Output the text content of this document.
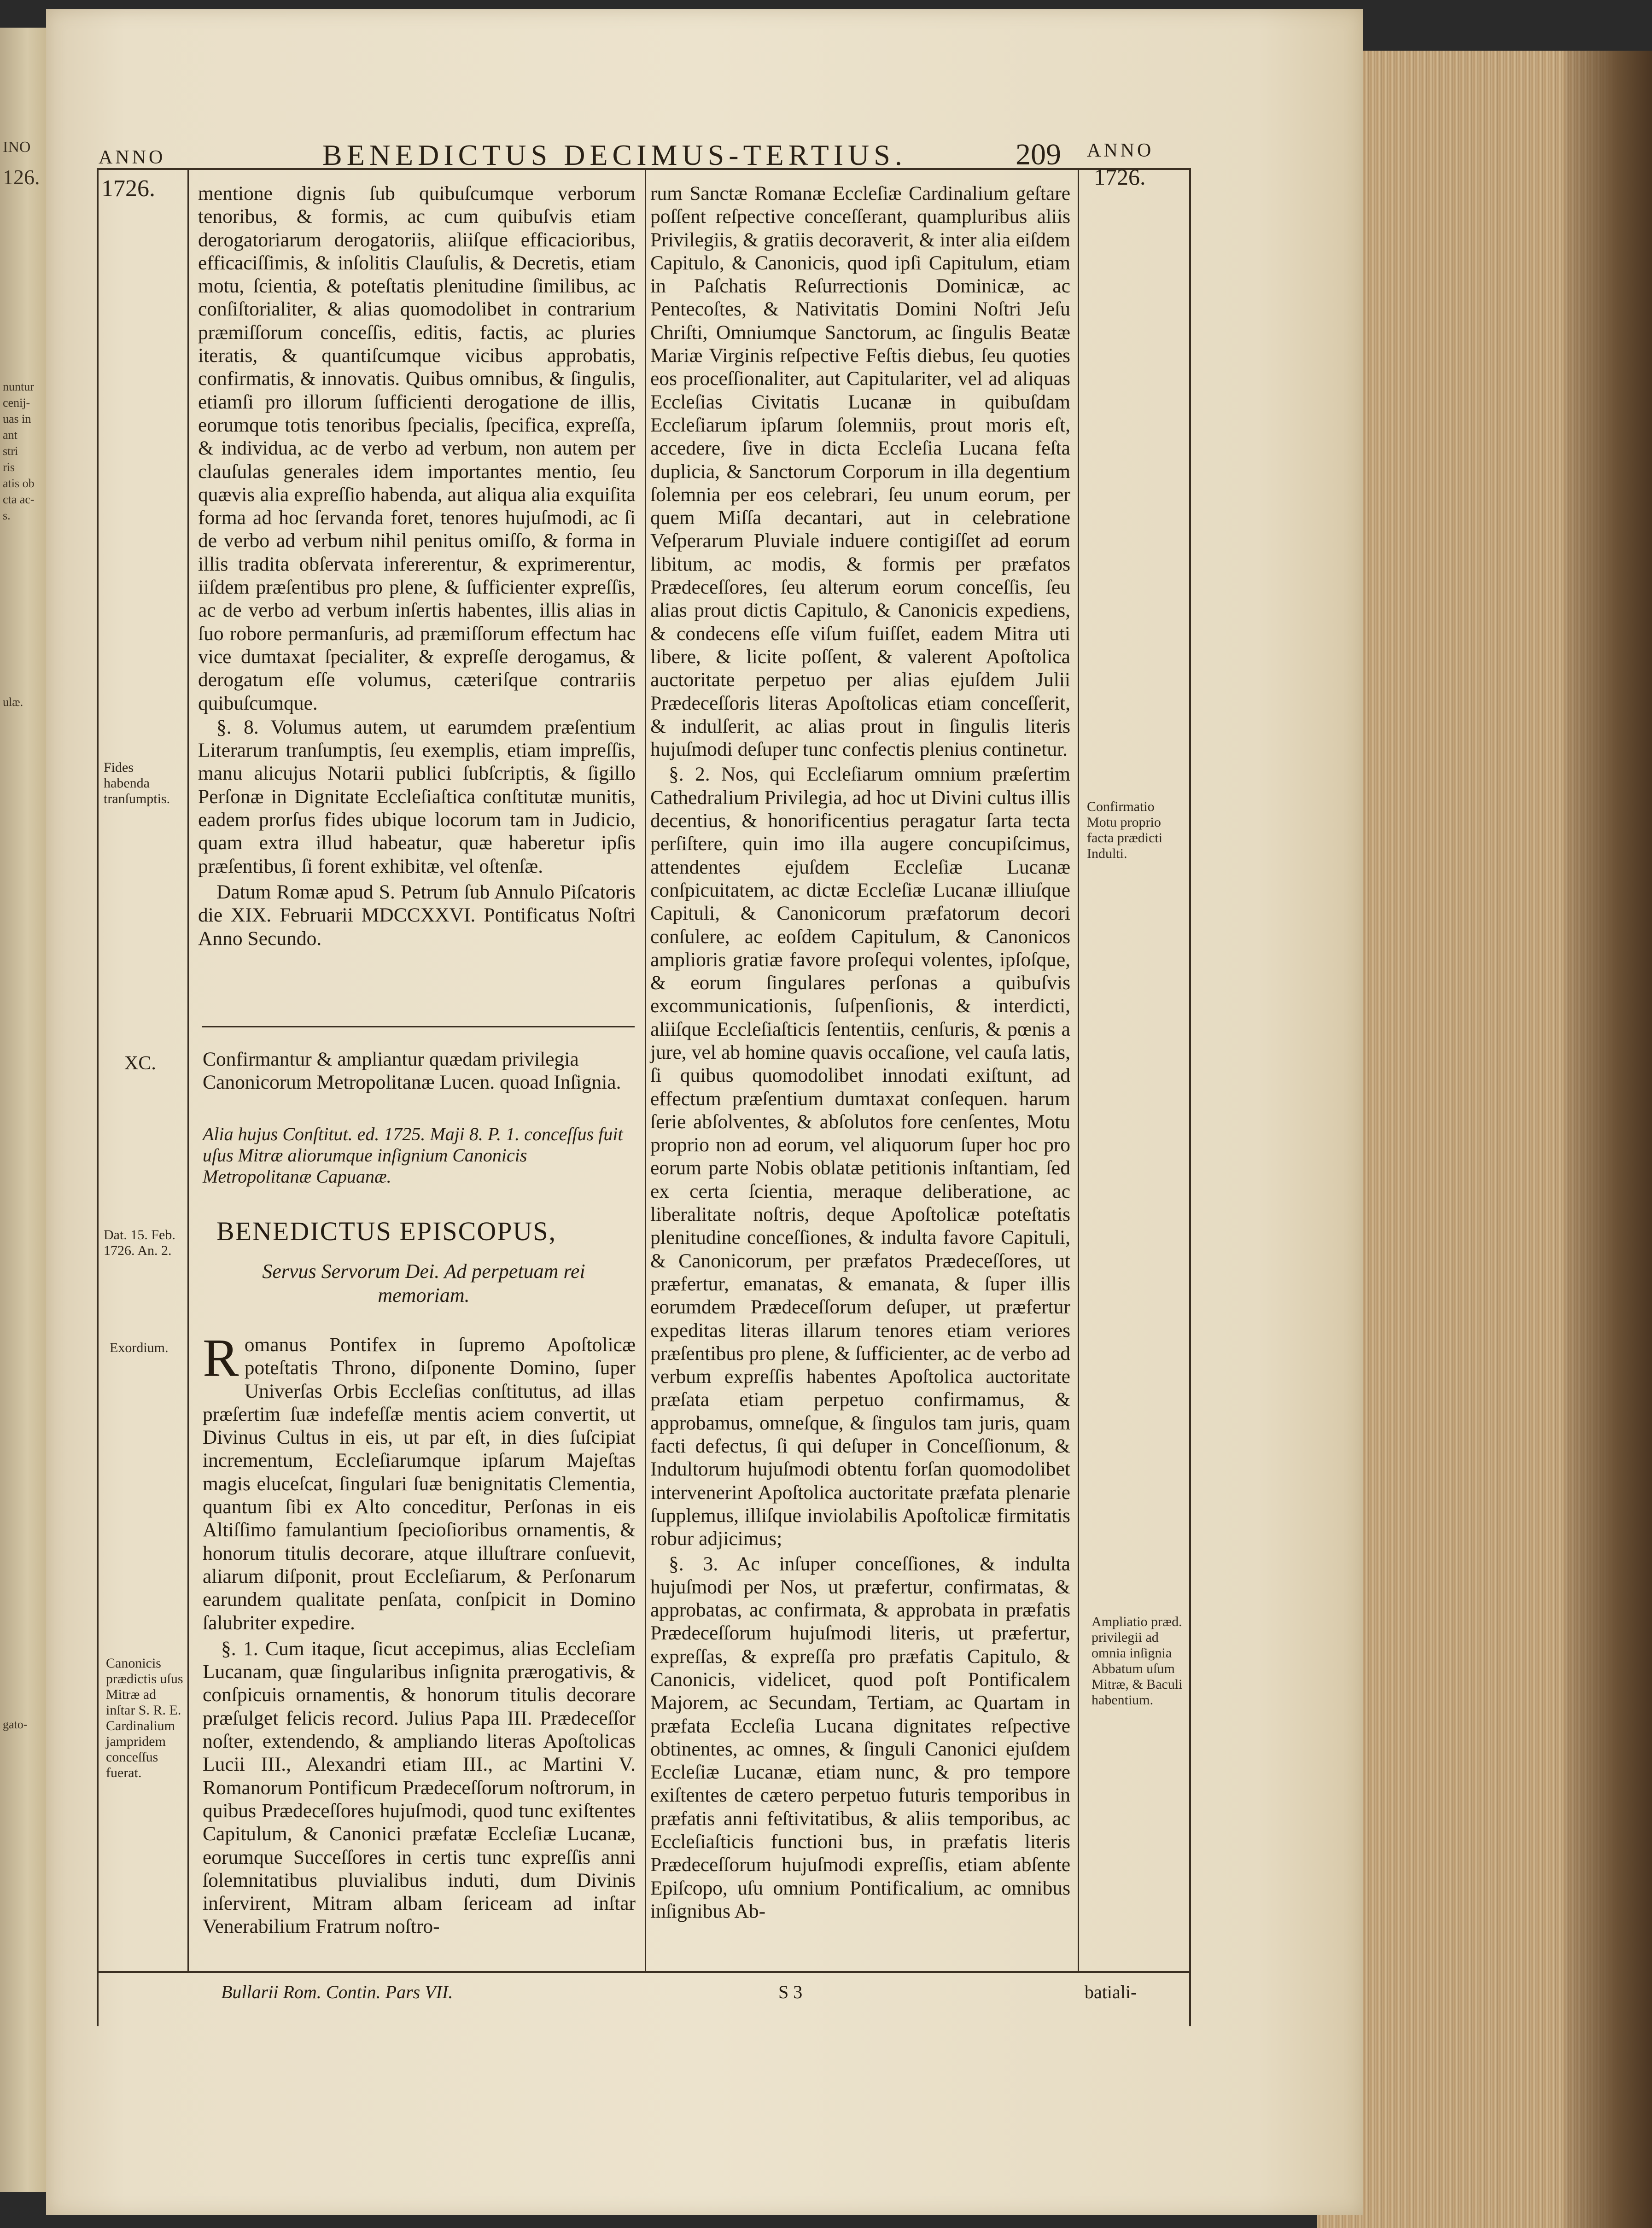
INO
126.
nuntur
cenij-
uas in
ant
stri
ris
atis ob
cta ac-
s.
ulæ.
gato-
ANNO
1726.
BENEDICTUS DECIMUS-TERTIUS.	209 ANNO
1726.

mentione dignis ſub quibuſcumque verborum tenoribus, & formis, ac cum quibuſvis etiam derogatoriarum derogatoriis, aliiſque efficacioribus, efficaciſſimis, & inſolitis Clauſulis, & Decretis, etiam motu, ſcientia, & poteſtatis plenitudine ſimilibus, ac conſiſtorialiter, & alias quomodolibet in contrarium præmiſſorum conceſſis, editis, factis, ac pluries iteratis, & quantiſcumque vicibus approbatis, confirmatis, & innovatis. Quibus omnibus, & ſingulis, etiamſi pro illorum ſufficienti derogatione de illis, eorumque totis tenoribus ſpecialis, ſpecifica, expreſſa, & individua, ac de verbo ad verbum, non autem per clauſulas generales idem importantes mentio, ſeu quævis alia expreſſio habenda, aut aliqua alia exquiſita forma ad hoc ſervanda foret, tenores hujuſmodi, ac ſi de verbo ad verbum nihil penitus omiſſo, & forma in illis tradita obſervata infererentur, & exprimerentur, iiſdem præſentibus pro plene, & ſufficienter expreſſis, ac de verbo ad verbum inſertis habentes, illis alias in ſuo robore permanſuris, ad præmiſſorum effectum hac vice dumtaxat ſpecialiter, & expreſſe derogamus, & derogatum eſſe volumus, cæteriſque contrariis quibuſcumque.

§. 8. Volumus autem, ut earumdem præſentium Literarum tranſumptis, ſeu exemplis, etiam impreſſis, manu alicujus Notarii publici ſubſcriptis, & ſigillo Perſonæ in Dignitate Eccleſiaſtica conſtitutæ munitis, eadem prorſus fides ubique locorum tam in Judicio, quam extra illud habeatur, quæ haberetur ipſis præſentibus, ſi forent exhibitæ, vel oſtenſæ.

Datum Romæ apud S. Petrum ſub Annulo Piſcatoris die XIX. Februarii MDCCXXVI. Pontificatus Noſtri Anno Secundo.

XC. Confirmantur & ampliantur quædam privilegia Canonicorum Metropolitanæ Lucen. quoad Inſignia.
Alia hujus Conſtitut. ed. 1725. Maji 8. P. 1. conceſſus fuit uſus Mitræ aliorumque inſignium Canonicis Metropolitanæ Capuanæ.
BENEDICTUS EPISCOPUS,
Servus Servorum Dei. Ad perpetuam rei memoriam.

Romanus Pontifex in ſupremo Apoſtolicæ poteſtatis Throno, diſponente Domino, ſuper Univerſas Orbis Eccleſias conſtitutus, ad illas præſertim ſuæ indefeſſæ mentis aciem convertit, ut Divinus Cultus in eis, ut par eſt, in dies ſuſcipiat incrementum, Eccleſiarumque ipſarum Majeſtas magis eluceſcat, ſingulari ſuæ benignitatis Clementia, quantum ſibi ex Alto conceditur, Perſonas in eis Altiſſimo famulantium ſpecioſioribus ornamentis, & honorum titulis decorare, atque illuſtrare conſuevit, aliarum diſponit, prout Eccleſiarum, & Perſonarum earundem qualitate penſata, conſpicit in Domino ſalubriter expedire.

§. 1. Cum itaque, ſicut accepimus, alias Eccleſiam Lucanam, quæ ſingularibus inſignita prærogativis, & conſpicuis ornamentis, & honorum titulis decorare præſulget felicis record. Julius Papa III. Prædeceſſor noſter, extendendo, & ampliando literas Apoſtolicas Lucii III., Alexandri etiam III., ac Martini V. Romanorum Pontificum Prædeceſſorum noſtrorum, in quibus Prædeceſſores hujuſmodi, quod tunc exiſtentes Capitulum, & Canonici præfatæ Eccleſiæ Lucanæ, eorumque Succeſſores in certis tunc expreſſis anni ſolemnitatibus pluvialibus induti, dum Divinis inſervirent, Mitram albam ſericeam ad inſtar Venerabilium Fratrum noſtro-

rum Sanctæ Romanæ Eccleſiæ Cardinalium geſtare poſſent reſpective conceſſerant, quampluribus aliis Privilegiis, & gratiis decoraverit, & inter alia eiſdem Capitulo, & Canonicis, quod ipſi Capitulum, etiam in Paſchatis Reſurrectionis Dominicæ, ac Pentecoſtes, & Nativitatis Domini Noſtri Jeſu Chriſti, Omniumque Sanctorum, ac ſingulis Beatæ Mariæ Virginis reſpective Feſtis diebus, ſeu quoties eos proceſſionaliter, aut Capitulariter, vel ad aliquas Eccleſias Civitatis Lucanæ in quibuſdam Eccleſiarum ipſarum ſolemniis, prout moris eſt, accedere, ſive in dicta Eccleſia Lucana feſta duplicia, & Sanctorum Corporum in illa degentium ſolemnia per eos celebrari, ſeu unum eorum, per quem Miſſa decantari, aut in celebratione Veſperarum Pluviale induere contigiſſet ad eorum libitum, ac modis, & formis per præfatos Prædeceſſores, ſeu alterum eorum conceſſis, ſeu alias prout dictis Capitulo, & Canonicis expediens, & condecens eſſe viſum fuiſſet, eadem Mitra uti libere, & licite poſſent, & valerent Apoſtolica auctoritate perpetuo per alias ejuſdem Julii Prædeceſſoris literas Apoſtolicas etiam conceſſerit, & indulſerit, ac alias prout in ſingulis literis hujuſmodi deſuper tunc confectis plenius continetur.

§. 2. Nos, qui Eccleſiarum omnium præſertim Cathedralium Privilegia, ad hoc ut Divini cultus illis decentius, & honorificentius peragatur ſarta tecta perſiſtere, quin imo illa augere concupiſcimus, attendentes ejuſdem Eccleſiæ Lucanæ conſpicuitatem, ac dictæ Eccleſiæ Lucanæ illiuſque Capituli, & Canonicorum præfatorum decori conſulere, ac eoſdem Capitulum, & Canonicos amplioris gratiæ favore proſequi volentes, ipſoſque, & eorum ſingulares perſonas a quibuſvis excommunicationis, ſuſpenſionis, & interdicti, aliiſque Eccleſiaſticis ſententiis, cenſuris, & pœnis a jure, vel ab homine quavis occaſione, vel cauſa latis, ſi quibus quomodolibet innodati exiſtunt, ad effectum præſentium dumtaxat conſequen. harum ſerie abſolventes, & abſolutos fore cenſentes, Motu proprio non ad eorum, vel aliquorum ſuper hoc pro eorum parte Nobis oblatæ petitionis inſtantiam, ſed ex certa ſcientia, meraque deliberatione, ac liberalitate noſtris, deque Apoſtolicæ poteſtatis plenitudine conceſſiones, & indulta favore Capituli, & Canonicorum, per præfatos Prædeceſſores, ut præfertur, emanatas, & emanata, & ſuper illis eorumdem Prædeceſſorum deſuper, ut præfertur expeditas literas illarum tenores etiam veriores præſentibus pro plene, & ſufficienter, ac de verbo ad verbum expreſſis habentes Apoſtolica auctoritate præſata etiam perpetuo confirmamus, & approbamus, omneſque, & ſingulos tam juris, quam facti defectus, ſi qui deſuper in Conceſſionum, & Indultorum hujuſmodi obtentu forſan quomodolibet intervenerint Apoſtolica auctoritate præfata plenarie ſupplemus, illiſque inviolabilis Apoſtolicæ firmitatis robur adjicimus;

§. 3. Ac inſuper conceſſiones, & indulta hujuſmodi per Nos, ut præfertur, confirmatas, & approbatas, ac confirmata, & approbata in præfatis Prædeceſſorum hujuſmodi literis, ut præfertur, expreſſas, & expreſſa pro præfatis Capitulo, & Canonicis, videlicet, quod poſt Pontificalem Majorem, ac Secundam, Tertiam, ac Quartam in præfata Eccleſia Lucana dignitates reſpective obtinentes, ac omnes, & ſinguli Canonici ejuſdem Eccleſiæ Lucanæ, etiam nunc, & pro tempore exiſtentes de cætero perpetuo futuris temporibus in præfatis anni feſtivitatibus, & aliis temporibus, ac Eccleſiaſticis functioni bus, in præfatis literis Prædeceſſorum hujuſmodi expreſſis, etiam abſente Epiſcopo, uſu omnium Pontificalium, ac omnibus inſignibus Ab-

Fides habenda tranſumptis.
Dat. 15. Feb. 1726. An. 2.
Exordium.
Canonicis prædictis uſus Mitræ ad inſtar S. R. E. Cardinalium jampridem conceſſus fuerat.
Confirmatio Motu proprio facta prædicti Indulti.
Ampliatio præd. privilegii ad omnia inſignia Abbatum uſum Mitræ, & Baculi habentium.
Bullarii Rom. Contin. Pars VII.	S 3	batiali-
